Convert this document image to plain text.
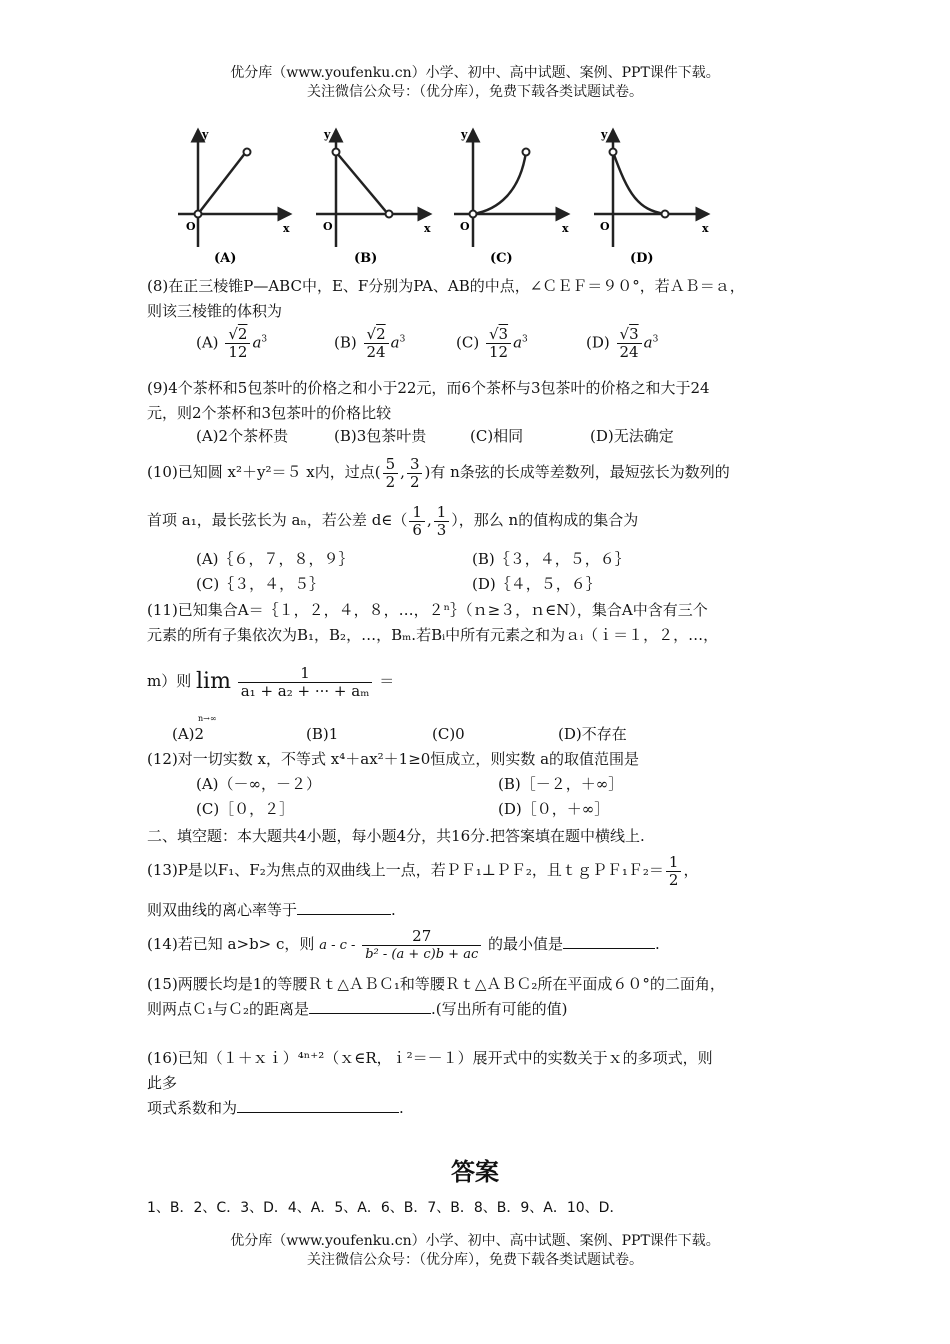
优分库（www.youfenku.cn）小学、初中、高中试题、案例、PPT课件下载。
关注微信公众号：（优分库），免费下载各类试题试卷。
y
x
O
(A)
y
x
O
(B)
y
x
O
(C)
y
x
O
(D)
(8)在正三棱锥P—ABC中，E、F分别为PA、AB的中点，∠ＣＥＦ＝９０°，若ＡＢ＝ａ，
则该三棱锥的体积为
$(A) \frac{√2}{12} a^3$	$(B) \frac{√2}{24} a^3$	$(C) \frac{√3}{12} a^3$	$(D) \frac{√3}{24} a^3$
(9)4个茶杯和5包茶叶的价格之和小于22元，而6个茶杯与3包茶叶的价格之和大于24
元，则2个茶杯和3包茶叶的价格比较
(A)2个茶杯贵	(B)3包茶叶贵	(C)相同	(D)无法确定
(10)已知圆 x²＋y²＝５ x内，过点( $\frac{5}{2}$ , $\frac{3}{2}$ )有 n条弦的长成等差数列，最短弦长为数列的
首项 a₁，最长弦长为 aₙ，若公差 d∈（ $\frac{1}{6}$ , $\frac{1}{3}$ ），那么 n的值构成的集合为
(A)｛６，７，８，９｝	(B)｛３，４，５，６｝
(C)｛３，４，５｝	(D)｛４，５，６｝
(11)已知集合A＝｛１，２，４，８，…，２ⁿ｝（ｎ≥３，ｎ∈N），集合A中含有三个
元素的所有子集依次为B₁，B₂，…，Bₘ.若Bᵢ中所有元素之和为ａᵢ（ｉ＝１，２，…，
m）则 lim
n→∞

$\frac{1}{\text{a₁ + a₂ + ··· + aₘ}}$ ＝
(A)2	(B)1	(C)0	(D)不存在
(12)对一切实数 x，不等式 x⁴＋ax²＋1≥0恒成立，则实数 a的取值范围是
(A)（－∞，－２）	(B)［－２，＋∞］
(C)［０，２］	(D)［０，＋∞］
二、填空题：本大题共4小题，每小题4分，共16分.把答案填在题中横线上.
(13)P是以F₁、F₂为焦点的双曲线上一点，若ＰＦ₁⊥ＰＦ₂，且ｔｇＰＦ₁Ｆ₂＝ $\frac{1}{2}$ ，
则双曲线的离心率等于	.
(14)若已知 a>b> c，则 a - c - $\frac{27}{\text{b² - (a + c)b + ac}}$ 的最小值是	.
(15)两腰长均是1的等腰Ｒｔ△ＡＢＣ₁和等腰Ｒｔ△ＡＢＣ₂所在平面成６０°的二面角，
则两点Ｃ₁与Ｃ₂的距离是	.(写出所有可能的值)
(16)已知（１＋ｘｉ）⁴ⁿ⁺²（ｘ∈R，ｉ²＝－１）展开式中的实数关于ｘ的多项式，则
此多
项式系数和为	.
答案
1、B．2、C．3、D．4、A．5、A．6、B．7、B．8、B．9、A．10、D．
优分库（www.youfenku.cn）小学、初中、高中试题、案例、PPT课件下载。
关注微信公众号：（优分库），免费下载各类试题试卷。
